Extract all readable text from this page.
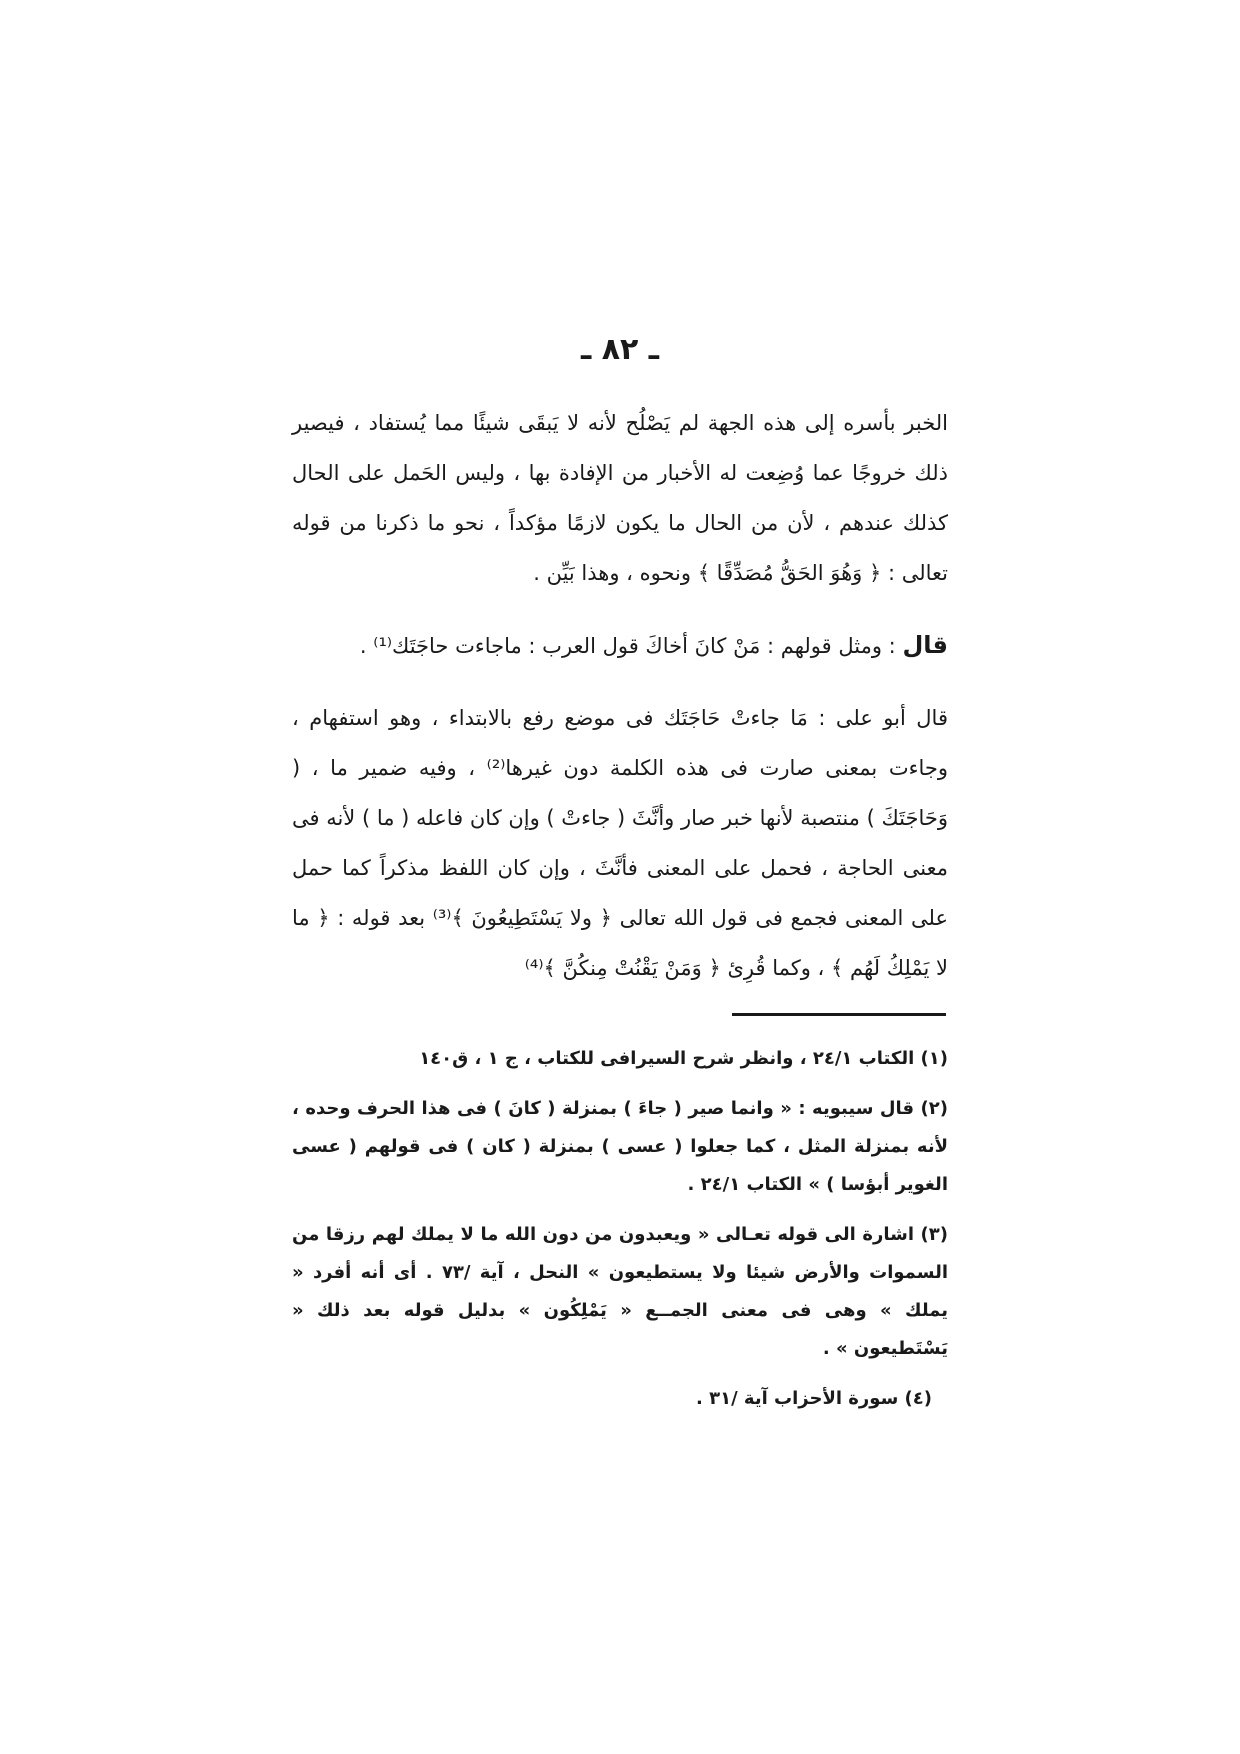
ـ ٨٢ ـ

الخبر بأسره إلى هذه الجهة لم يَصْلُح لأنه لا يَبقَى شيئًا مما يُستفاد ، فيصير ذلك خروجًا عما وُضِعت له الأخبار من الإفادة بها ، وليس الحَمل على الحال كذلك عندهم ، لأن من الحال ما يكون لازمًا مؤكداً ، نحو ما ذكرنا من قوله تعالى : ﴿ وَهُوَ الحَقُّ مُصَدِّقًا ﴾ ونحوه ، وهذا بَيِّن .

قال : ومثل قولهم : مَنْ كانَ أخاكَ قول العرب : ماجاءت حاجَتَك⁽¹⁾ .

قال أبو على : مَا جاءتْ حَاجَتَك فى موضع رفع بالابتداء ، وهو استفهام ، وجاءت بمعنى صارت فى هذه الكلمة دون غيرها⁽²⁾ ، وفيه ضمير ما ، ( وَحَاجَتَكَ ) منتصبة لأنها خبر صار وأنَّثَ ( جاءتْ ) وإن كان فاعله ( ما ) لأنه فى معنى الحاجة ، فحمل على المعنى فأنَّثَ ، وإن كان اللفظ مذكراً كما حمل على المعنى فجمع فى قول الله تعالى ﴿ ولا يَسْتَطِيعُونَ ﴾⁽³⁾ بعد قوله : ﴿ ما لا يَمْلِكُ لَهُم ﴾ ، وكما قُرِئ ﴿ وَمَنْ يَقْنُتْ مِنكُنَّ ﴾⁽⁴⁾

(١) الكتاب ٢٤/١ ، وانظر شرح السيرافى للكتاب ، ج ١ ، ق١٤٠

(٢) قال سيبويه : « وانما صير ( جاءَ ) بمنزلة ( كانَ ) فى هذا الحرف وحده ، لأنه بمنزلة المثل ، كما جعلوا ( عسى ) بمنزلة ( كان ) فى قولهم ( عسى الغوير أبؤسا ) » الكتاب ٢٤/١ .

(٣) اشارة الى قوله تعـالى « ويعبدون من دون الله ما لا يملك لهم رزقا من السموات والأرض شيئا ولا يستطيعون » النحل ، آية /٧٣ . أى أنه أفرد « يملك » وهى فى معنى الجمــع « يَمْلِكُون » بدليل قوله بعد ذلك « يَسْتَطيعون » .

(٤) سورة الأحزاب آية /٣١ .
